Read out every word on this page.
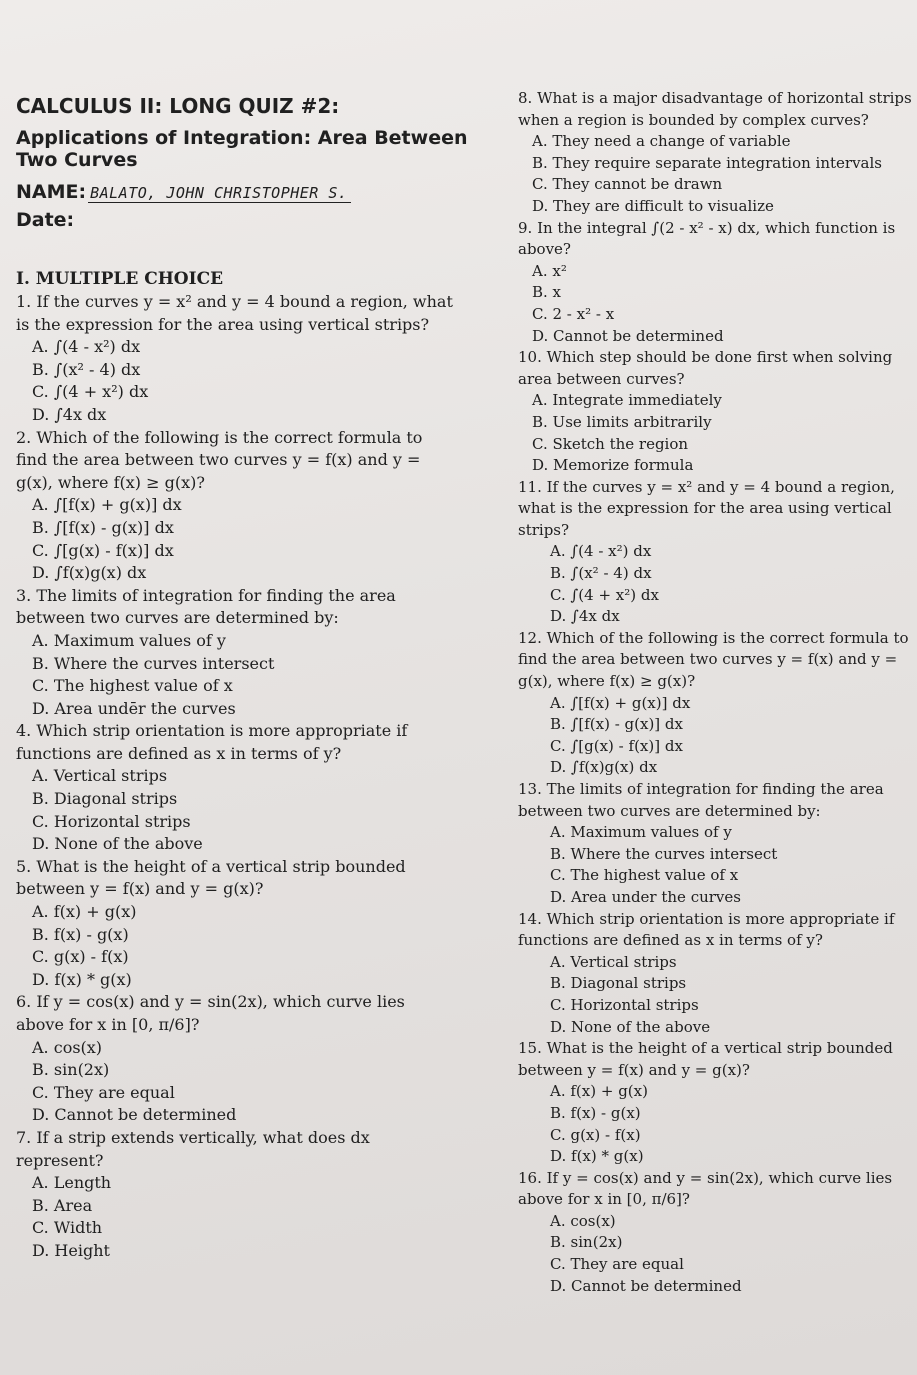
CALCULUS II: LONG QUIZ #2:

Applications of Integration: Area Between

Two Curves

NAME: BALATO, JOHN CHRISTOPHER S.
Date:
I. MULTIPLE CHOICE

1. If the curves y = x² and y = 4 bound a region, what is the expression for the area using vertical strips?

A. ∫(4 - x²) dx
B. ∫(x² - 4) dx
C. ∫(4 + x²) dx
D. ∫4x dx

2. Which of the following is the correct formula to find the area between two curves y = f(x) and y = g(x), where f(x) ≥ g(x)?

A. ∫[f(x) + g(x)] dx
B. ∫[f(x) - g(x)] dx
C. ∫[g(x) - f(x)] dx
D. ∫f(x)g(x) dx

3. The limits of integration for finding the area between two curves are determined by:

A. Maximum values of y
B. Where the curves intersect
C. The highest value of x
D. Area undēr the curves

4. Which strip orientation is more appropriate if functions are defined as x in terms of y?

A. Vertical strips
B. Diagonal strips
C. Horizontal strips
D. None of the above

5. What is the height of a vertical strip bounded between y = f(x) and y = g(x)?

A. f(x) + g(x)
B. f(x) - g(x)
C. g(x) - f(x)
D. f(x) * g(x)

6. If y = cos(x) and y = sin(2x), which curve lies above for x in [0, π/6]?

A. cos(x)
B. sin(2x)
C. They are equal
D. Cannot be determined

7. If a strip extends vertically, what does dx represent?

A. Length
B. Area
C. Width
D. Height

8. What is a major disadvantage of horizontal strips when a region is bounded by complex curves?

A. They need a change of variable
B. They require separate integration intervals
C. They cannot be drawn
D. They are difficult to visualize

9. In the integral ∫(2 - x² - x) dx, which function is above?

A. x²
B. x
C. 2 - x² - x
D. Cannot be determined

10. Which step should be done first when solving area between curves?

A. Integrate immediately
B. Use limits arbitrarily
C. Sketch the region
D. Memorize formula

11. If the curves y = x² and y = 4 bound a region, what is the expression for the area using vertical strips?

A. ∫(4 - x²) dx
B. ∫(x² - 4) dx
C. ∫(4 + x²) dx
D. ∫4x dx

12. Which of the following is the correct formula to find the area between two curves y = f(x) and y = g(x), where f(x) ≥ g(x)?

A. ∫[f(x) + g(x)] dx
B. ∫[f(x) - g(x)] dx
C. ∫[g(x) - f(x)] dx
D. ∫f(x)g(x) dx

13. The limits of integration for finding the area between two curves are determined by:

A. Maximum values of y
B. Where the curves intersect
C. The highest value of x
D. Area under the curves

14. Which strip orientation is more appropriate if functions are defined as x in terms of y?

A. Vertical strips
B. Diagonal strips
C. Horizontal strips
D. None of the above

15. What is the height of a vertical strip bounded between y = f(x) and y = g(x)?

A. f(x) + g(x)
B. f(x) - g(x)
C. g(x) - f(x)
D. f(x) * g(x)

16. If y = cos(x) and y = sin(2x), which curve lies above for x in [0, π/6]?

A. cos(x)
B. sin(2x)
C. They are equal
D. Cannot be determined
